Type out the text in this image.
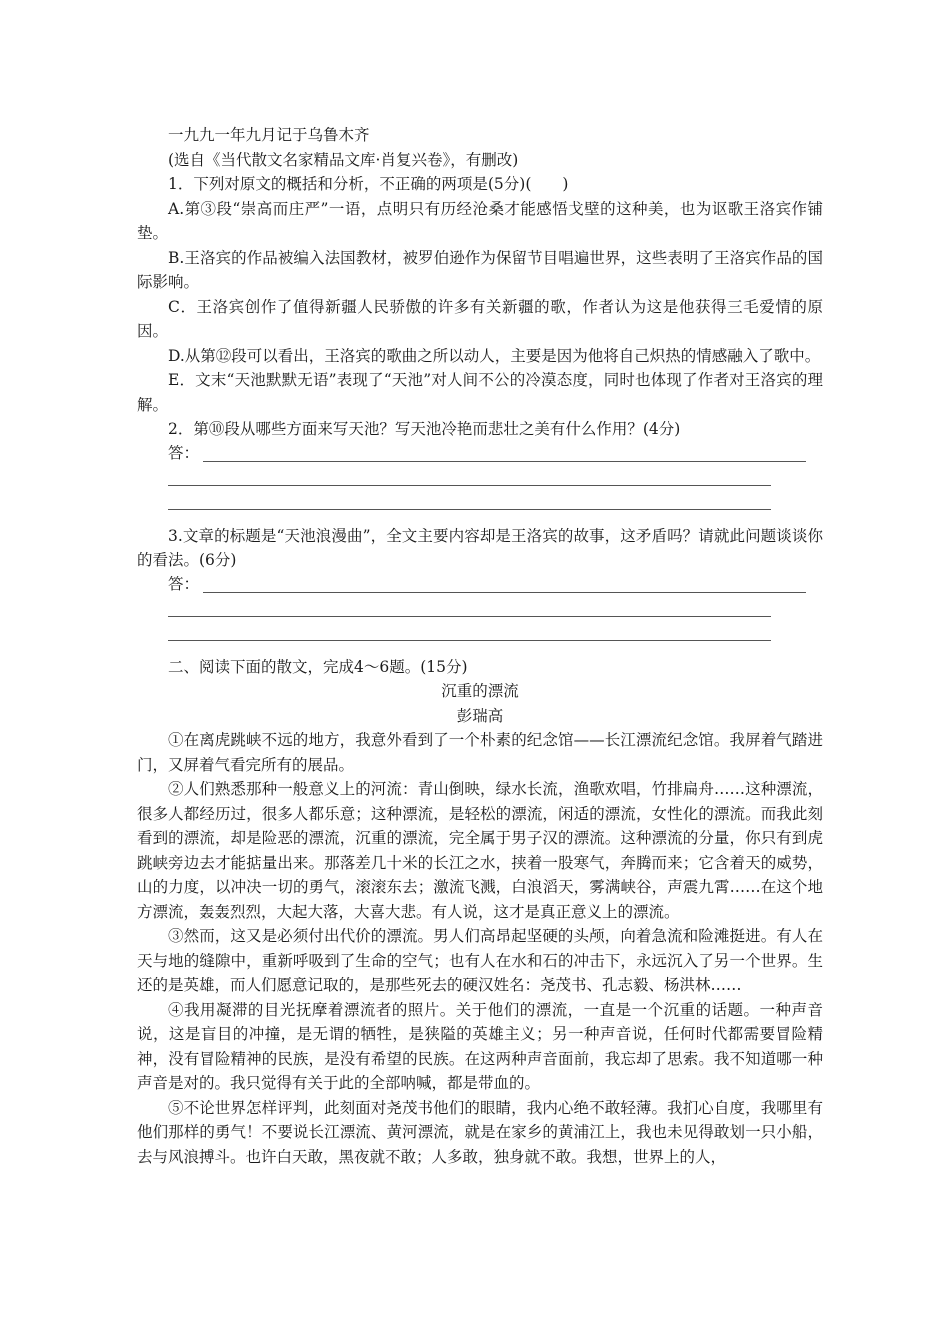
一九九一年九月记于乌鲁木齐

(选自《当代散文名家精品文库·肖复兴卷》，有删改)

1．下列对原文的概括和分析，不正确的两项是(5分)(　　)

A.第③段“崇高而庄严”一语，点明只有历经沧桑才能感悟戈壁的这种美，也为讴歌王洛宾作铺垫。

B.王洛宾的作品被编入法国教材，被罗伯逊作为保留节目唱遍世界，这些表明了王洛宾作品的国际影响。

C．王洛宾创作了值得新疆人民骄傲的许多有关新疆的歌，作者认为这是他获得三毛爱情的原因。

D.从第⑫段可以看出，王洛宾的歌曲之所以动人，主要是因为他将自己炽热的情感融入了歌中。

E．文末“天池默默无语”表现了“天池”对人间不公的冷漠态度，同时也体现了作者对王洛宾的理解。

2．第⑩段从哪些方面来写天池？写天池冷艳而悲壮之美有什么作用？(4分)

答：

3.文章的标题是“天池浪漫曲”，全文主要内容却是王洛宾的故事，这矛盾吗？请就此问题谈谈你的看法。(6分)

答：

二、阅读下面的散文，完成4～6题。(15分)

沉重的漂流

彭瑞高

①在离虎跳峡不远的地方，我意外看到了一个朴素的纪念馆——长江漂流纪念馆。我屏着气踏进门，又屏着气看完所有的展品。

②人们熟悉那种一般意义上的河流：青山倒映，绿水长流，渔歌欢唱，竹排扁舟……这种漂流，很多人都经历过，很多人都乐意；这种漂流，是轻松的漂流，闲适的漂流，女性化的漂流。而我此刻看到的漂流，却是险恶的漂流，沉重的漂流，完全属于男子汉的漂流。这种漂流的分量，你只有到虎跳峡旁边去才能掂量出来。那落差几十米的长江之水，挟着一股寒气，奔腾而来；它含着天的威势，山的力度，以冲决一切的勇气，滚滚东去；激流飞溅，白浪滔天，雾满峡谷，声震九霄……在这个地方漂流，轰轰烈烈，大起大落，大喜大悲。有人说，这才是真正意义上的漂流。

③然而，这又是必须付出代价的漂流。男人们高昂起坚硬的头颅，向着急流和险滩挺进。有人在天与地的缝隙中，重新呼吸到了生命的空气；也有人在水和石的冲击下，永远沉入了另一个世界。生还的是英雄，而人们愿意记取的，是那些死去的硬汉姓名：尧茂书、孔志毅、杨洪林……

④我用凝滞的目光抚摩着漂流者的照片。关于他们的漂流，一直是一个沉重的话题。一种声音说，这是盲目的冲撞，是无谓的牺牲，是狭隘的英雄主义；另一种声音说，任何时代都需要冒险精神，没有冒险精神的民族，是没有希望的民族。在这两种声音面前，我忘却了思索。我不知道哪一种声音是对的。我只觉得有关于此的全部呐喊，都是带血的。

⑤不论世界怎样评判，此刻面对尧茂书他们的眼睛，我内心绝不敢轻薄。我扪心自度，我哪里有他们那样的勇气！不要说长江漂流、黄河漂流，就是在家乡的黄浦江上，我也未见得敢划一只小船，去与风浪搏斗。也许白天敢，黑夜就不敢；人多敢，独身就不敢。我想，世界上的人，
